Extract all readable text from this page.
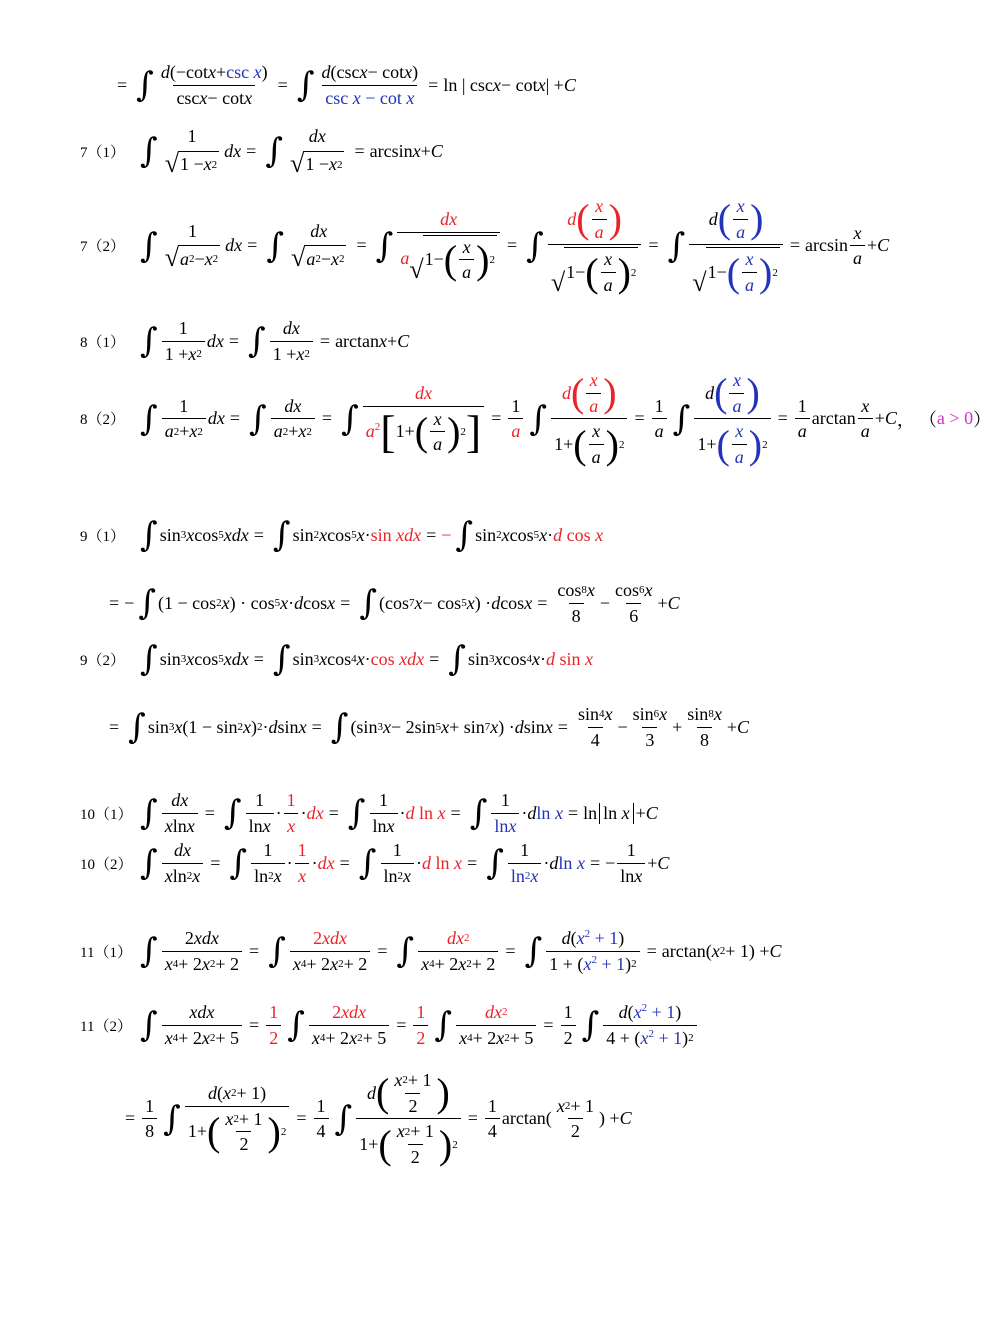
= ∫ $\frac{\text{d (−cot x + csc x )}}{\text{csc x − cot x}}$ = ∫ $\frac{\text{d (csc x − cot x )}}{\text{csc x − cot x}} = \ln$ | csc x − cot x | + C
7（1） ∫ 1
√ 1 − x 2
dx = ∫ dx
√ 1 − x 2
= arcsin x + C
7（2） ∫ 1
√ a 2 − x 2
dx = ∫ dx
√ a 2 − x 2
= ∫ $\frac{dx}{a √ 1- ( \frac{x}{a} ) 2}$ = ∫ $\frac{d ( \frac{x}{a} )}{√ 1- ( \frac{x}{a} ) 2}$ = ∫ $\frac{d ( \frac{x}{a} )}{√ 1- ( \frac{x}{a} ) 2} = \arcsin \frac{x}{a} + C$
8（1） ∫ $\frac{1}{1 + x 2}$ dx = ∫ $\frac{dx}{1 + x 2} = \arctan x + C$
8（2） ∫ $\frac{1}{a 2 + x 2}$ dx = ∫ $\frac{dx}{a 2 + x 2}$ = ∫ $\frac{dx}{a^2 [ 1+ ( \frac{x}{a} ) 2 ]} = \frac{1}{a}$ ∫ $\frac{d ( \frac{x}{a} )}{1+ ( \frac{x}{a} ) 2} = \frac{1}{a}$ ∫ $\frac{d ( \frac{x}{a} )}{1+ ( \frac{x}{a} ) 2} = \frac{1}{a}$ $\arctan \frac{x}{a} + C$ ， （ a > 0 ）
9（1） ∫ sin 3 x cos 5 xdx = ∫ sin 2 x cos 5 x · sin xdx = − ∫ sin 2 x cos 5 x · d cos x
= − ∫ (1 − cos 2 x ) · cos 5 x · d cos x = ∫ (cos 7 x − cos 5 x ) · d $\cos x = \frac{\cos 8 x}{8} - \frac{\cos 6 x}{6} + C$
9（2） ∫ sin 3 x cos 5 xdx = ∫ sin 3 x cos 4 x · cos xdx = ∫ sin 3 x cos 4 x · d sin x
= ∫ sin 3 x (1 − sin 2 x ) 2 · d sin x = ∫ (sin 3 x − 2sin 5 x + sin 7 x ) · d $\sin x = \frac{\sin 4 x}{4} - \frac{\sin 6 x}{3} + \frac{\sin 8 x}{8} + C$
10（1） ∫ $\frac{dx}{\text{x ln x}}$ = ∫ $\frac{1}{\text{ln x}} \cdot \frac{1}{x}$ · dx = ∫ $\frac{1}{\text{ln x}} \cdot d$ ln x = ∫ $\frac{1}{\text{ln x}} \cdot d$ ln x = ln ln x + C
10（2） ∫ $\frac{dx}{\text{x ln 2 x}}$ = ∫ $\frac{1}{\ln 2 x} \cdot \frac{1}{x}$ · dx = ∫ $\frac{1}{\ln 2 x} \cdot d$ ln x = ∫ $\frac{1}{\ln 2 x} \cdot d$ ln x = − $\frac{1}{\text{ln x}} + C$
11（1） ∫ $\frac{\text{2 xdx}}{x 4 + 2 x 2 + 2}$ = ∫ $\frac{\text{2 xdx}}{x 4 + 2 x 2 + 2}$ = ∫ $\frac{dx 2}{x 4 + 2 x 2 + 2}$ = ∫ $\frac{d ( x^2 + 1 )}{1 + ( x^2 + 1 ) 2} = \arctan$( x 2 + 1) + C
11（2） ∫ $\frac{\text{xdx}}{x 4 + 2 x 2 + 5} = \frac{1}{2}$ ∫ $\frac{\text{2 xdx}}{x 4 + 2 x 2 + 5} = \frac{1}{2}$ ∫ $\frac{dx 2}{x 4 + 2 x 2 + 5} = \frac{1}{2}$ ∫ $\frac{d ( x^2 + 1 )}{4 + ( x^2 + 1 ) 2}$
= $\frac{1}{8}$ ∫ $\frac{d ( x 2 + 1)}{1+ ( \frac{x 2 + 1}{2} ) 2} = \frac{1}{4}$ ∫ $\frac{d ( \frac{x 2 + 1}{2} )}{1+ ( \frac{x 2 + 1}{2} ) 2} = \frac{1}{4} \arctan( \frac{x 2 + 1}{2}$ ) + C
